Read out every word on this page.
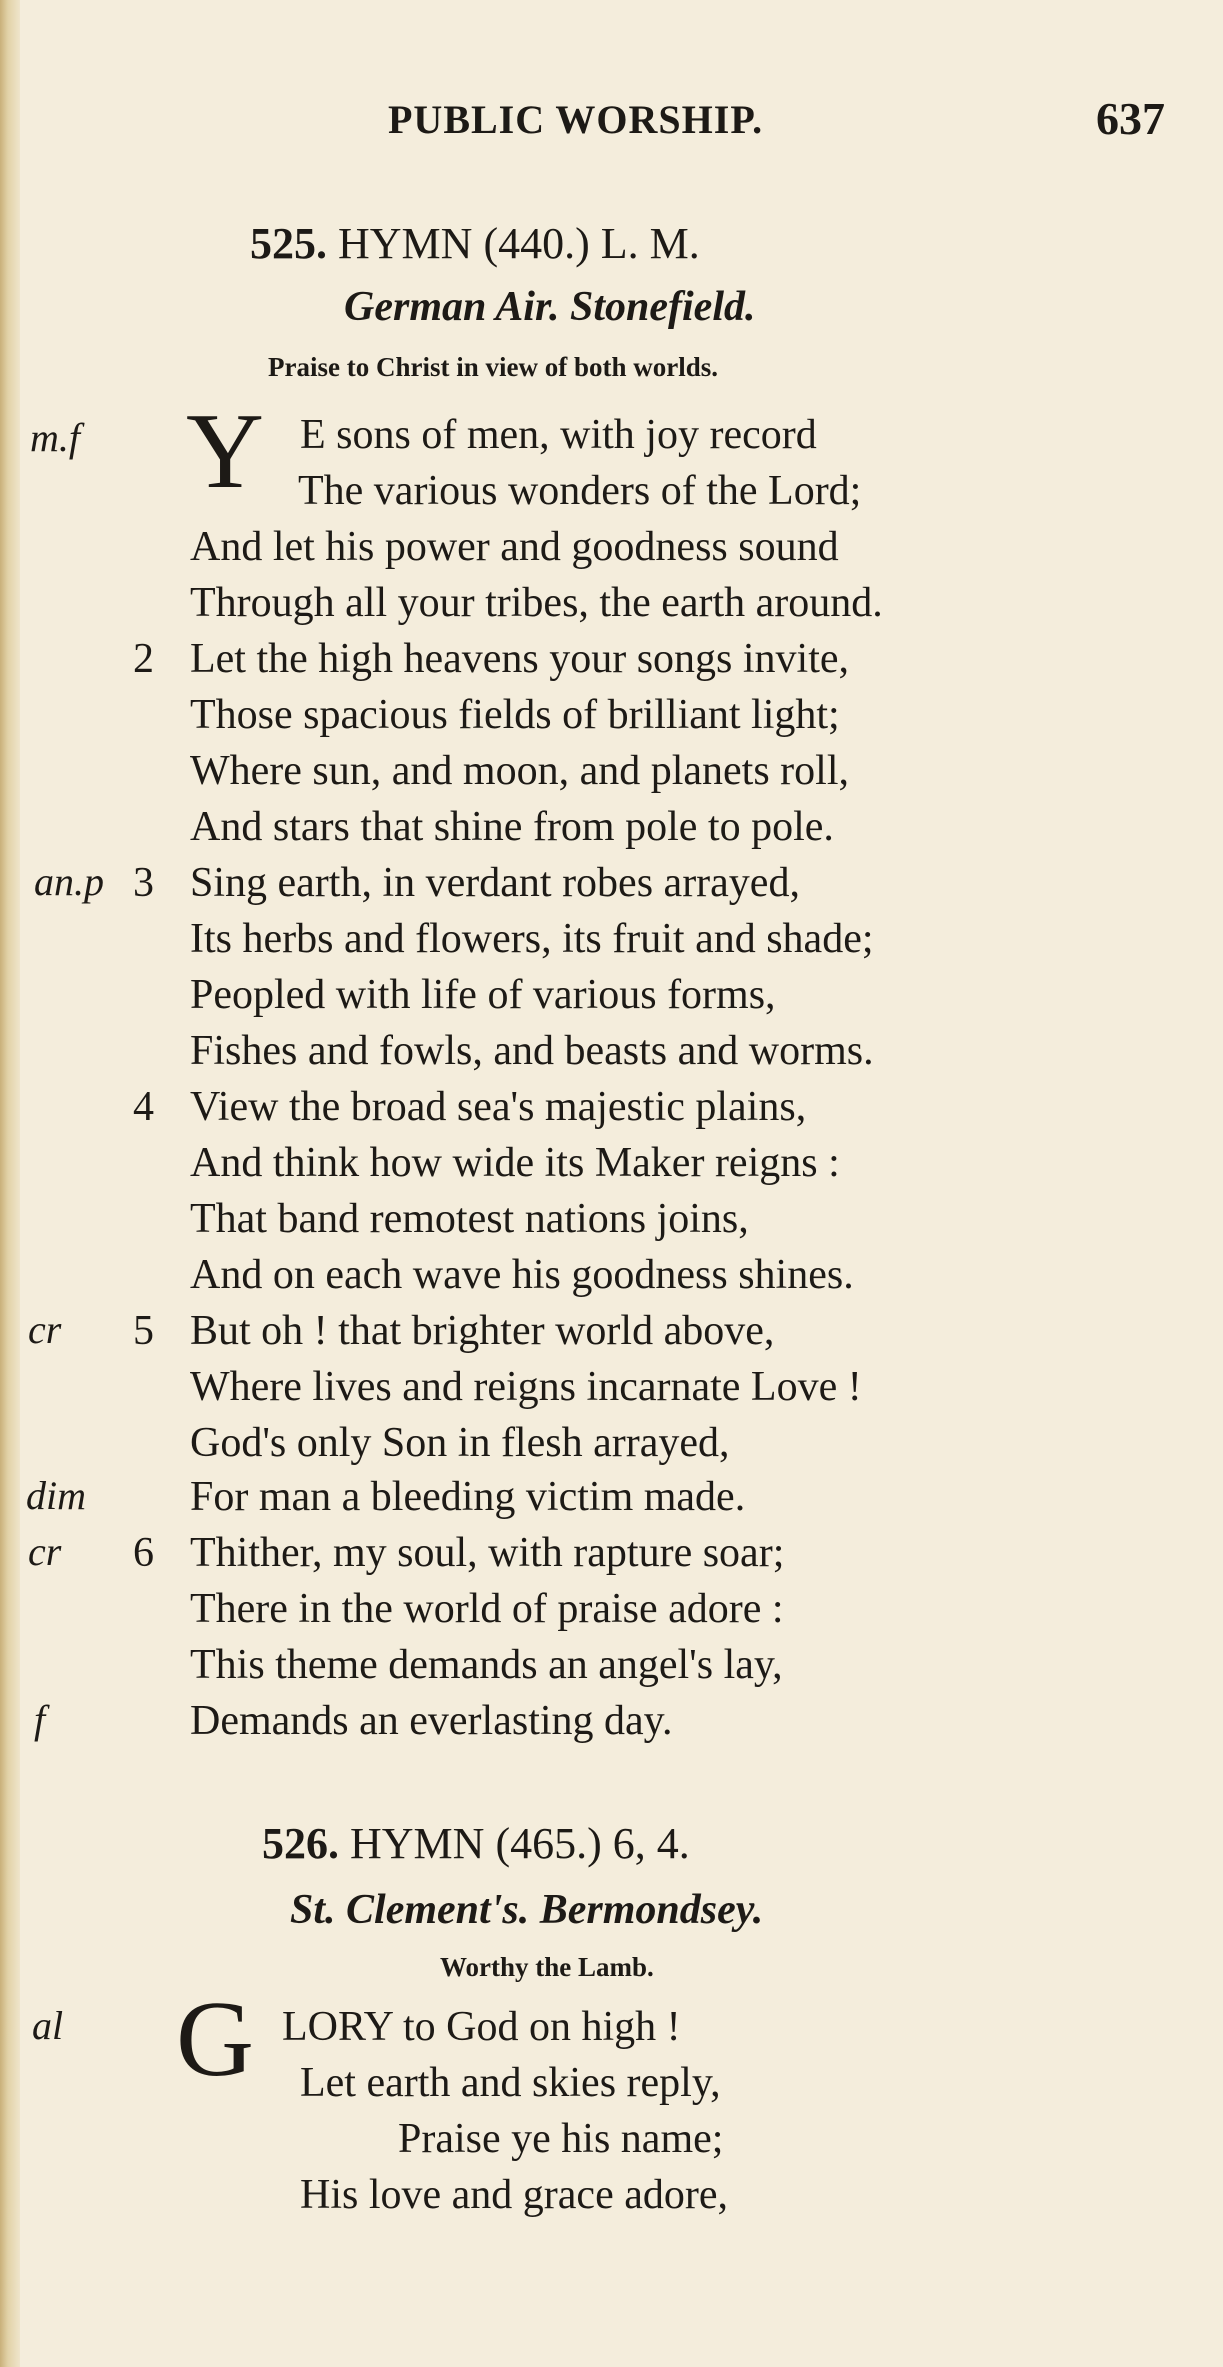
PUBLIC WORSHIP.	637
525. HYMN (440.) L. M.
German Air. Stonefield.
Praise to Christ in view of both worlds.
m.f Y E sons of men, with joy record
The various wonders of the Lord;
And let his power and goodness sound
Through all your tribes, the earth around.
2 Let the high heavens your songs invite,
Those spacious fields of brilliant light;
Where sun, and moon, and planets roll,
And stars that shine from pole to pole.
an.p 3 Sing earth, in verdant robes arrayed,
Its herbs and flowers, its fruit and shade;
Peopled with life of various forms,
Fishes and fowls, and beasts and worms.
4 View the broad sea's majestic plains,
And think how wide its Maker reigns :
That band remotest nations joins,
And on each wave his goodness shines.
cr 5 But oh ! that brighter world above,
Where lives and reigns incarnate Love !
God's only Son in flesh arrayed,
dim For man a bleeding victim made.
cr 6 Thither, my soul, with rapture soar;
There in the world of praise adore :
This theme demands an angel's lay,
f	Demands an everlasting day.
526. HYMN (465.) 6, 4.
St. Clement's. Bermondsey.
Worthy the Lamb.
al G LORY to God on high !
Let earth and skies reply,
Praise ye his name;
His love and grace adore,
